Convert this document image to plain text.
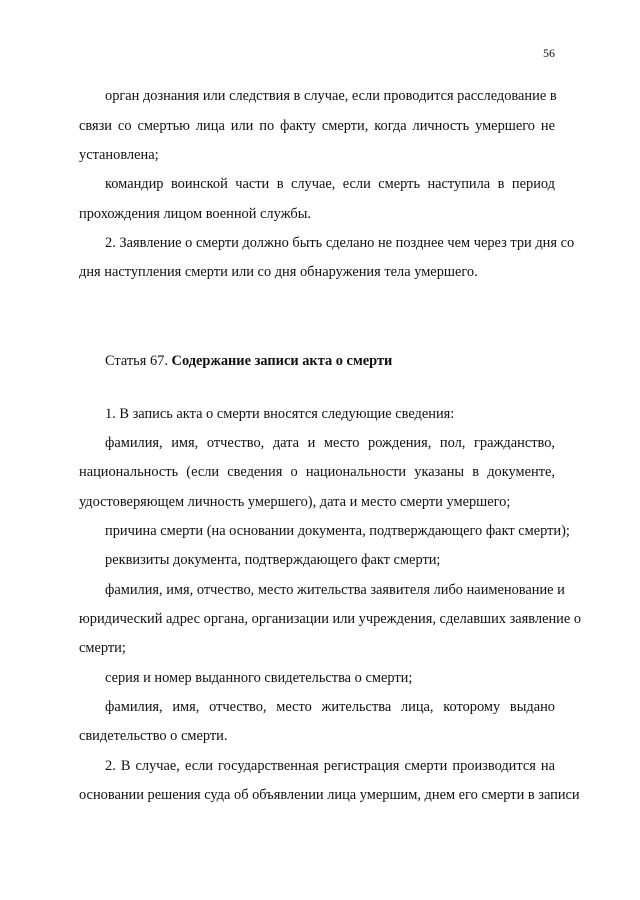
56
орган дознания или следствия в случае, если проводится расследование в
связи со смертью лица или по факту смерти, когда личность умершего не
установлена;
командир воинской части в случае, если смерть наступила в период
прохождения лицом военной службы.
2. Заявление о смерти должно быть сделано не позднее чем через три дня со
дня наступления смерти или со дня обнаружения тела умершего.
Статья 67. Содержание записи акта о смерти
1. В запись акта о смерти вносятся следующие сведения:
фамилия, имя, отчество, дата и место рождения, пол, гражданство,
национальность (если сведения о национальности указаны в документе,
удостоверяющем личность умершего), дата и место смерти умершего;
причина смерти (на основании документа, подтверждающего факт смерти);
реквизиты документа, подтверждающего факт смерти;
фамилия, имя, отчество, место жительства заявителя либо наименование и
юридический адрес органа, организации или учреждения, сделавших заявление о
смерти;
серия и номер выданного свидетельства о смерти;
фамилия, имя, отчество, место жительства лица, которому выдано
свидетельство о смерти.
2. В случае, если государственная регистрация смерти производится на
основании решения суда об объявлении лица умершим, днем его смерти в записи
